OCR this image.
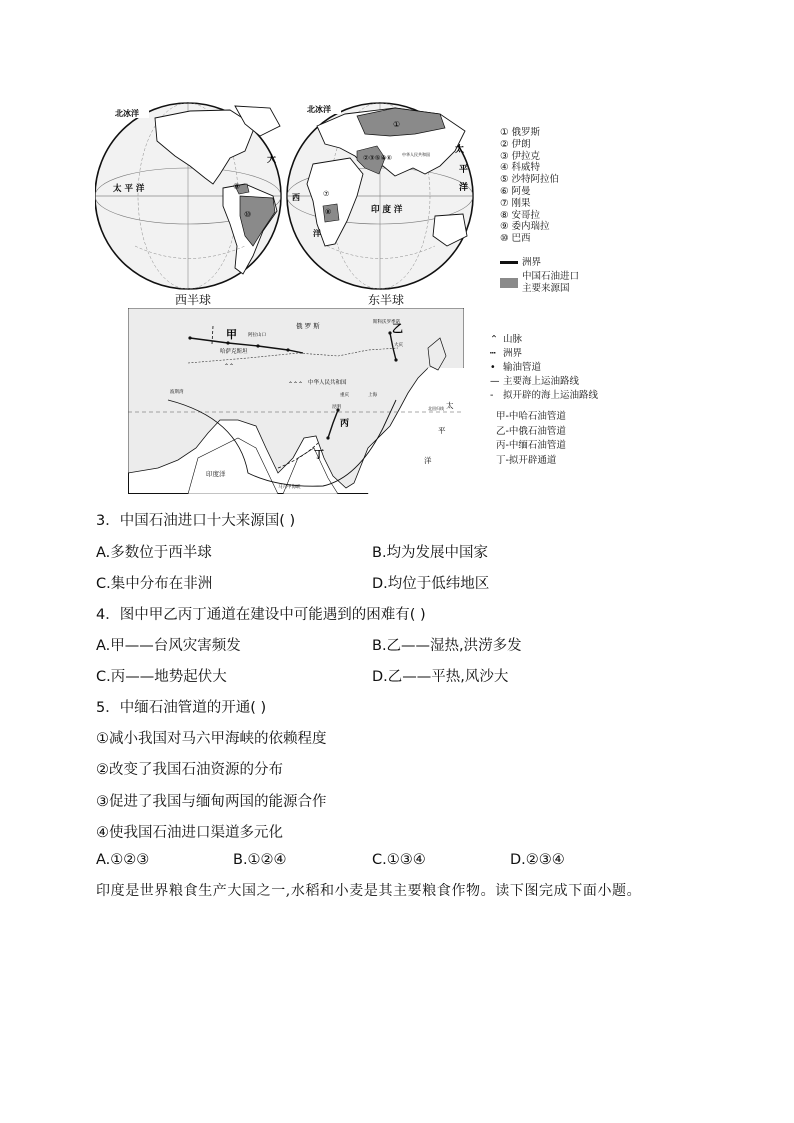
北冰洋
太 平 洋
大
⑩
⑨
北冰洋
①
②③⑤④⑥ 中华人民共和国
⑦
⑧
西
洋
印 度 洋
太
平
洋
西半球	东半球
① 俄罗斯
② 伊朗
③ 伊拉克
④ 科威特
⑤ 沙特阿拉伯
⑥ 阿曼
⑦ 刚果
⑧ 安哥拉
⑨ 委内瑞拉
⑩ 巴西
洲界
中国石油进口
主要来源国
⌃⌃
⌃⌃⌃
甲	乙
丙
丁
俄 罗 斯
哈萨克斯坦
中华人民共和国
印度洋
太
平
洋
北回归线
马六甲海峡
波斯湾
昆明
重庆	上海
大庆
阿拉山口
斯科沃罗季诺
⌃ 山脉
┅ 洲界
• 输油管道
— 主要海上运油路线
‐ 拟开辟的海上运油路线
甲-中哈石油管道
乙-中俄石油管道
丙-中缅石油管道
丁-拟开辟通道
3．中国石油进口十大来源国( )
A.多数位于西半球	B.均为发展中国家
C.集中分布在非洲	D.均位于低纬地区
4．图中甲乙丙丁通道在建设中可能遇到的困难有( )
A.甲——台风灾害频发	B.乙——湿热,洪涝多发
C.丙——地势起伏大	D.乙——平热,风沙大
5．中缅石油管道的开通( )
①减小我国对马六甲海峡的依赖程度
②改变了我国石油资源的分布
③促进了我国与缅甸两国的能源合作
④使我国石油进口渠道多元化
A.①②③	B.①②④	C.①③④	D.②③④
印度是世界粮食生产大国之一,水稻和小麦是其主要粮食作物。读下图完成下面小题。
